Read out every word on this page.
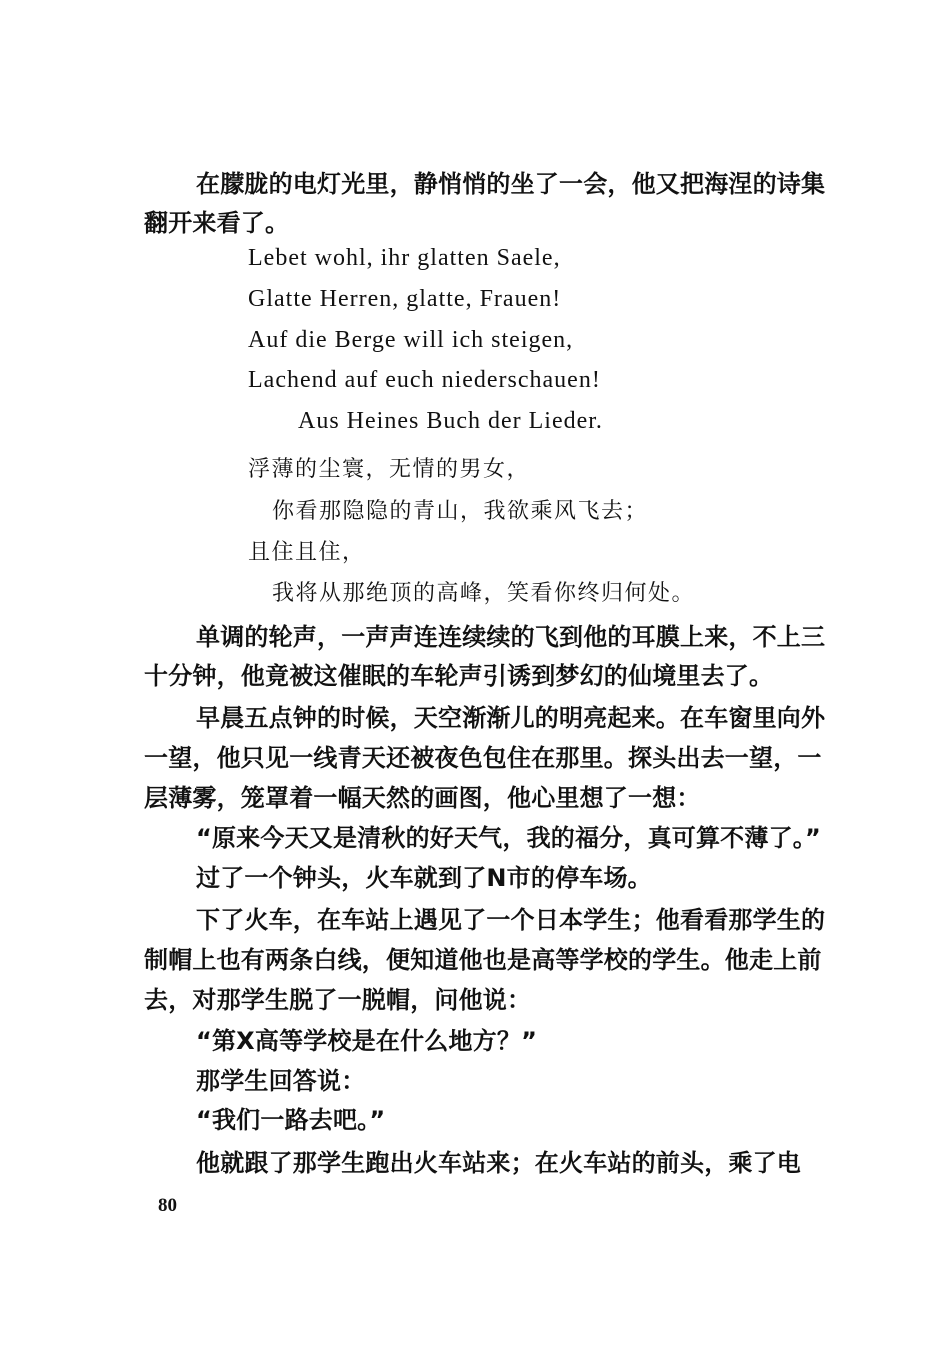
在朦胧的电灯光里，静悄悄的坐了一会，他又把海涅的诗集
翻开来看了。
Lebet wohl, ihr glatten Saele,
Glatte Herren, glatte, Frauen!
Auf die Berge will ich steigen,
Lachend auf euch niederschauen!
Aus Heines Buch der Lieder.
浮薄的尘寰，无情的男女，
你看那隐隐的青山，我欲乘风飞去；
且住且住，
我将从那绝顶的高峰，笑看你终归何处。
单调的轮声，一声声连连续续的飞到他的耳膜上来，不上三
十分钟，他竟被这催眠的车轮声引诱到梦幻的仙境里去了。
早晨五点钟的时候，天空渐渐儿的明亮起来。在车窗里向外
一望，他只见一线青天还被夜色包住在那里。探头出去一望，一
层薄雾，笼罩着一幅天然的画图，他心里想了一想：
“原来今天又是清秋的好天气，我的福分，真可算不薄了。”
过了一个钟头，火车就到了N市的停车场。
下了火车，在车站上遇见了一个日本学生；他看看那学生的
制帽上也有两条白线，便知道他也是高等学校的学生。他走上前
去，对那学生脱了一脱帽，问他说：
“第X高等学校是在什么地方？”
那学生回答说：
“我们一路去吧。”
他就跟了那学生跑出火车站来；在火车站的前头，乘了电
80
